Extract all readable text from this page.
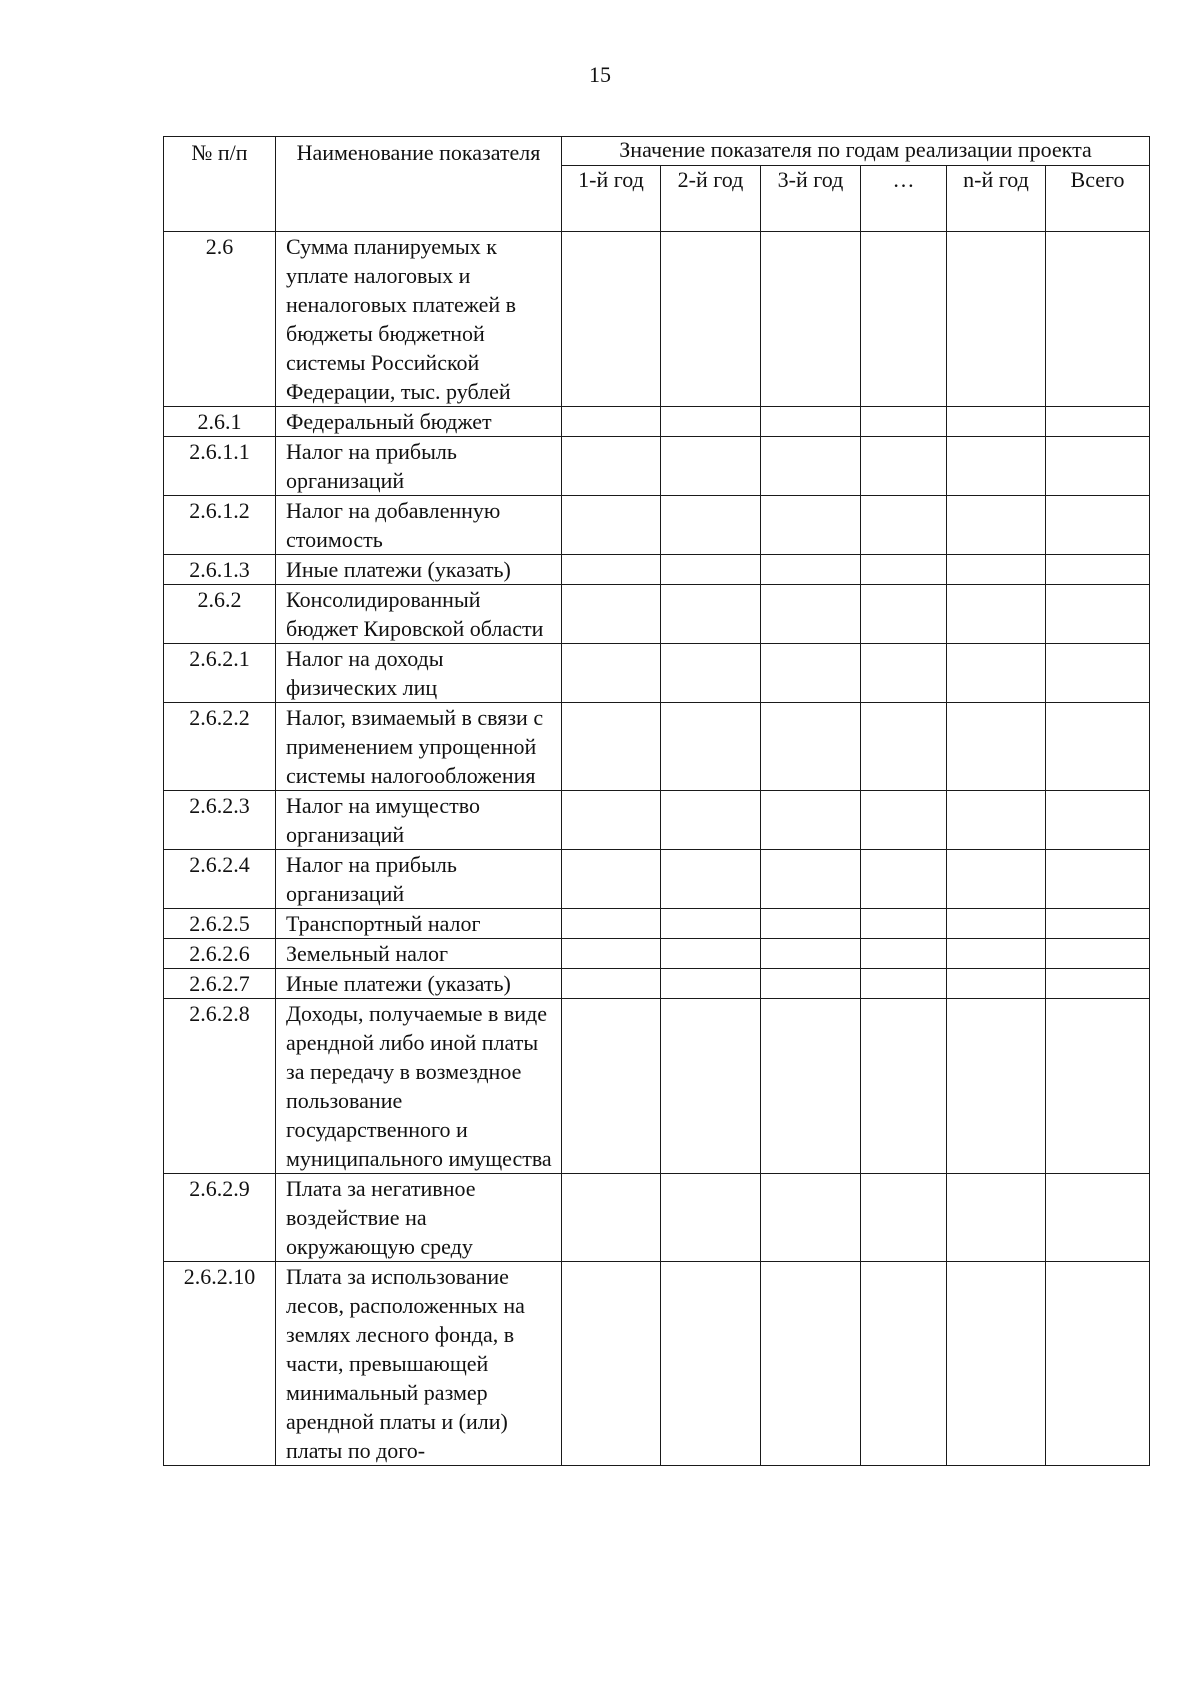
15
№ п/п	Наименование показателя	Значение показателя по годам реализации проекта					
		1-й год	2-й год	3-й год	…	n-й год	Всего
2.6	Сумма планируемых к уплате налоговых и неналоговых платежей в бюджеты бюджетной системы Российской Федерации, тыс. рублей						
2.6.1	Федеральный бюджет						
2.6.1.1	Налог на прибыль организаций						
2.6.1.2	Налог на добавленную стоимость						
2.6.1.3	Иные платежи (указать)						
2.6.2	Консолидированный бюджет Кировской области						
2.6.2.1	Налог на доходы физических лиц						
2.6.2.2	Налог, взимаемый в связи с применением упрощенной системы налогообложения						
2.6.2.3	Налог на имущество организаций						
2.6.2.4	Налог на прибыль организаций						
2.6.2.5	Транспортный налог						
2.6.2.6	Земельный налог						
2.6.2.7	Иные платежи (указать)						
2.6.2.8	Доходы, получаемые в виде арендной либо иной платы за передачу в возмездное пользование государственного и муниципального имущества						
2.6.2.9	Плата за негативное воздействие на окружающую среду						
2.6.2.10	Плата за использование лесов, расположенных на землях лесного фонда, в части, превышающей минимальный размер арендной платы и (или) платы по дого-						
